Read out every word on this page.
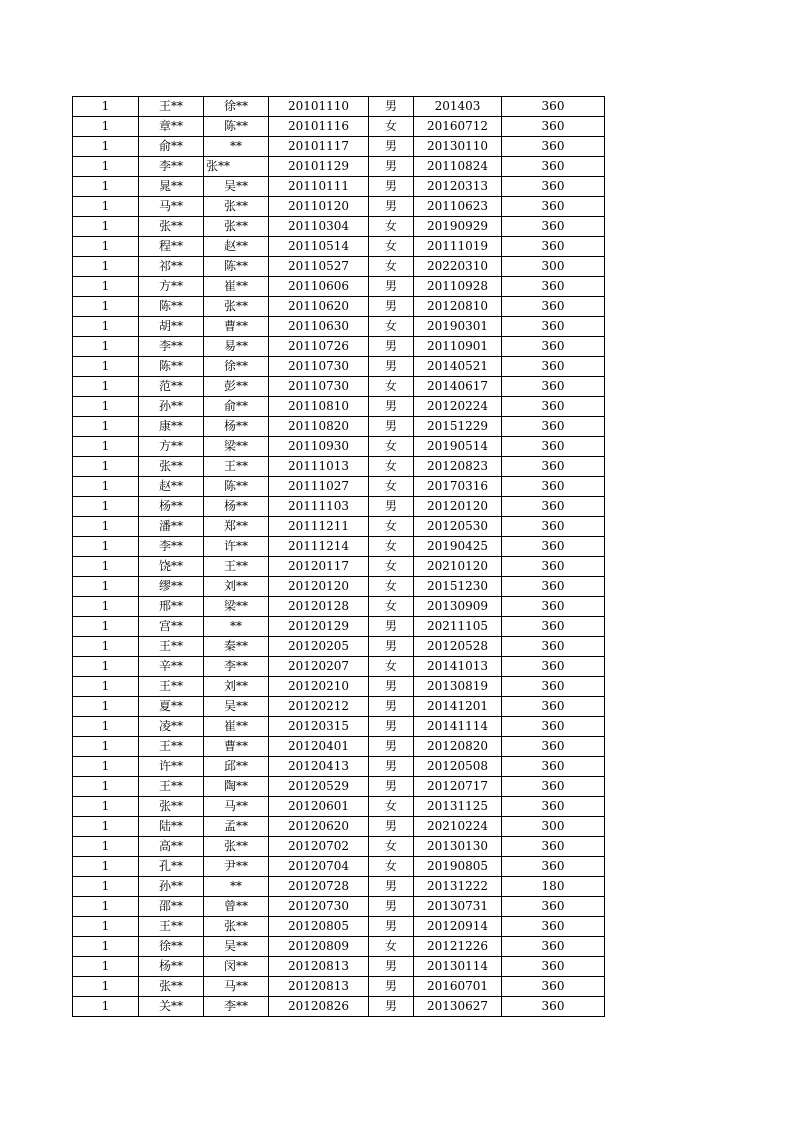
1	王**	徐**	20101110	男	201403	360
1	章**	陈**	20101116	女	20160712	360
1	俞**	**	20101117	男	20130110	360
1	李**	张**	20101129	男	20110824	360
1	晁**	吴**	20110111	男	20120313	360
1	马**	张**	20110120	男	20110623	360
1	张**	张**	20110304	女	20190929	360
1	程**	赵**	20110514	女	20111019	360
1	祁**	陈**	20110527	女	20220310	300
1	方**	崔**	20110606	男	20110928	360
1	陈**	张**	20110620	男	20120810	360
1	胡**	曹**	20110630	女	20190301	360
1	李**	易**	20110726	男	20110901	360
1	陈**	徐**	20110730	男	20140521	360
1	范**	彭**	20110730	女	20140617	360
1	孙**	俞**	20110810	男	20120224	360
1	康**	杨**	20110820	男	20151229	360
1	方**	梁**	20110930	女	20190514	360
1	张**	王**	20111013	女	20120823	360
1	赵**	陈**	20111027	女	20170316	360
1	杨**	杨**	20111103	男	20120120	360
1	潘**	郑**	20111211	女	20120530	360
1	李**	许**	20111214	女	20190425	360
1	饶**	王**	20120117	女	20210120	360
1	缪**	刘**	20120120	女	20151230	360
1	邢**	梁**	20120128	女	20130909	360
1	宫**	**	20120129	男	20211105	360
1	王**	秦**	20120205	男	20120528	360
1	辛**	李**	20120207	女	20141013	360
1	王**	刘**	20120210	男	20130819	360
1	夏**	吴**	20120212	男	20141201	360
1	凌**	崔**	20120315	男	20141114	360
1	王**	曹**	20120401	男	20120820	360
1	许**	邱**	20120413	男	20120508	360
1	王**	陶**	20120529	男	20120717	360
1	张**	马**	20120601	女	20131125	360
1	陆**	孟**	20120620	男	20210224	300
1	高**	张**	20120702	女	20130130	360
1	孔**	尹**	20120704	女	20190805	360
1	孙**	**	20120728	男	20131222	180
1	邵**	曾**	20120730	男	20130731	360
1	王**	张**	20120805	男	20120914	360
1	徐**	吴**	20120809	女	20121226	360
1	杨**	闵**	20120813	男	20130114	360
1	张**	马**	20120813	男	20160701	360
1	关**	李**	20120826	男	20130627	360
